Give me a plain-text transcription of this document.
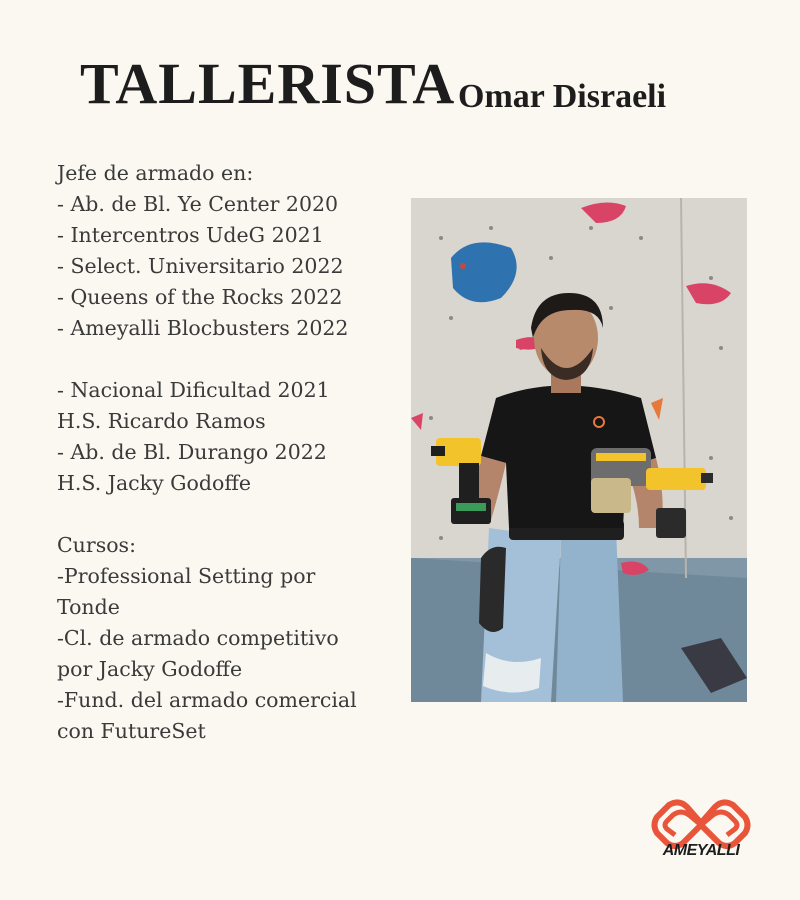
TALLERISTA Omar Disraeli
Jefe de armado en:
- Ab. de Bl. Ye Center 2020
- Intercentros UdeG 2021
- Select. Universitario 2022
- Queens of the Rocks 2022
- Ameyalli Blocbusters 2022
- Nacional Dificultad 2021
H.S. Ricardo Ramos
- Ab. de Bl. Durango 2022
H.S. Jacky Godoffe
Cursos:
-Professional Setting por
Tonde
-Cl. de armado competitivo
por Jacky Godoffe
-Fund. del armado comercial
con FutureSet
AMEYALLI
